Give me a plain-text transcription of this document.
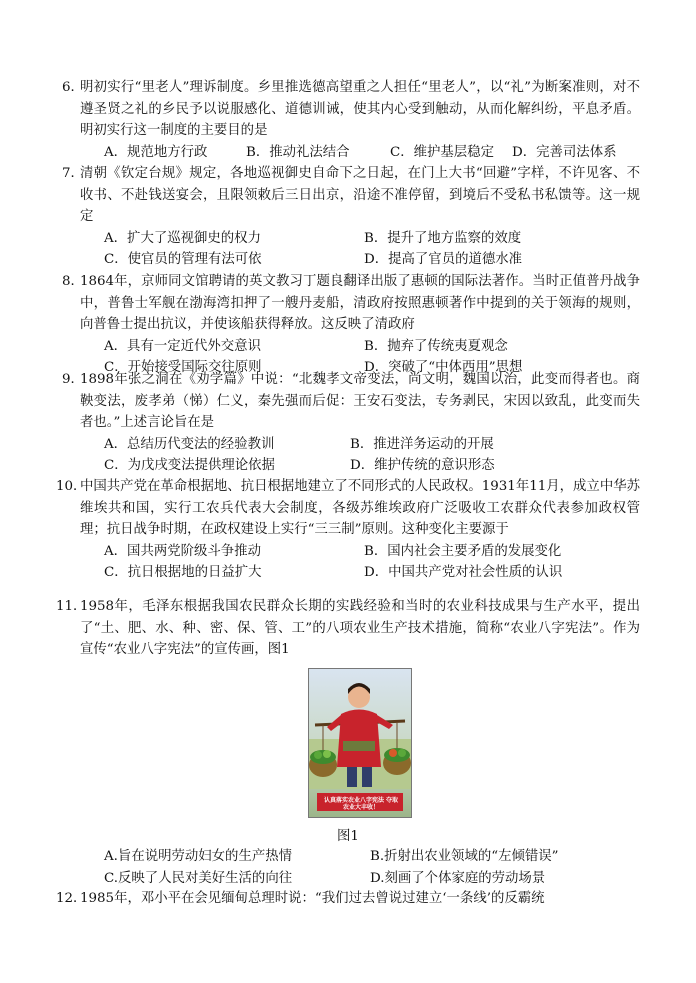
6．
明初实行“里老人”理诉制度。乡里推选德高望重之人担任“里老人”，以“礼”为断案准则，对不遵圣贤之礼的乡民予以说服感化、道德训诫，使其内心受到触动，从而化解纠纷，平息矛盾。明初实行这一制度的主要目的是
A．规范地方行政	B．推动礼法结合	C．维护基层稳定 D．完善司法体系
7．
清朝《钦定台规》规定，各地巡视御史自命下之日起，在门上大书“回避”字样，不许见客、不收书、不赴钱送宴会，且限领敕后三日出京，沿途不准停留，到境后不受私书私馈等。这一规定
A．扩大了巡视御史的权力	B．提升了地方监察的效度
C．使官员的管理有法可依	D．提高了官员的道德水准
8．
1864年，京师同文馆聘请的英文教习丁题良翻译出版了惠顿的国际法著作。当时正值普丹战争中，普鲁士军舰在渤海湾扣押了一艘丹麦船，清政府按照惠顿著作中提到的关于领海的规则，向普鲁士提出抗议，并使该船获得释放。这反映了清政府
A．具有一定近代外交意识	B．抛弃了传统夷夏观念
C．开始接受国际交往原则	D．突破了“中体西用”思想
9．
1898年张之洞在《劝学篇》中说：“北魏孝文帝变法，尚文明，魏国以治，此变而得者也。商鞅变法，废孝弟（悌）仁义，秦先强而后促：王安石变法，专务剥民，宋因以致乱，此变而失者也。”上述言论旨在是
A．总结历代变法的经验教训	B．推进洋务运动的开展
C．为戊戌变法提供理论依据	D．维护传统的意识形态
10．
中国共产党在革命根据地、抗日根据地建立了不同形式的人民政权。1931年11月，成立中华苏维埃共和国，实行工农兵代表大会制度，各级苏维埃政府广泛吸收工农群众代表参加政权管理；抗日战争时期，在政权建设上实行“三三制”原则。这种变化主要源于
A．国共两党阶级斗争推动	B．国内社会主要矛盾的发展变化
C．抗日根据地的日益扩大	D．中国共产党对社会性质的认识
11．
1958年，毛泽东根据我国农民群众长期的实践经验和当时的农业科技成果与生产水平，提出了“土、肥、水、种、密、保、管、工”的八项农业生产技术措施，简称“农业八字宪法”。作为宣传“农业八字宪法”的宣传画，图1
认真落实农业八字宪法 夺取农业大丰收！
图1
A.旨在说明劳动妇女的生产热情	B.折射出农业领域的“左倾错误”
C.反映了人民对美好生活的向往	D.刻画了个体家庭的劳动场景
12．
1985年，邓小平在会见缅甸总理时说：“我们过去曾说过建立‘一条线’的反霸统
